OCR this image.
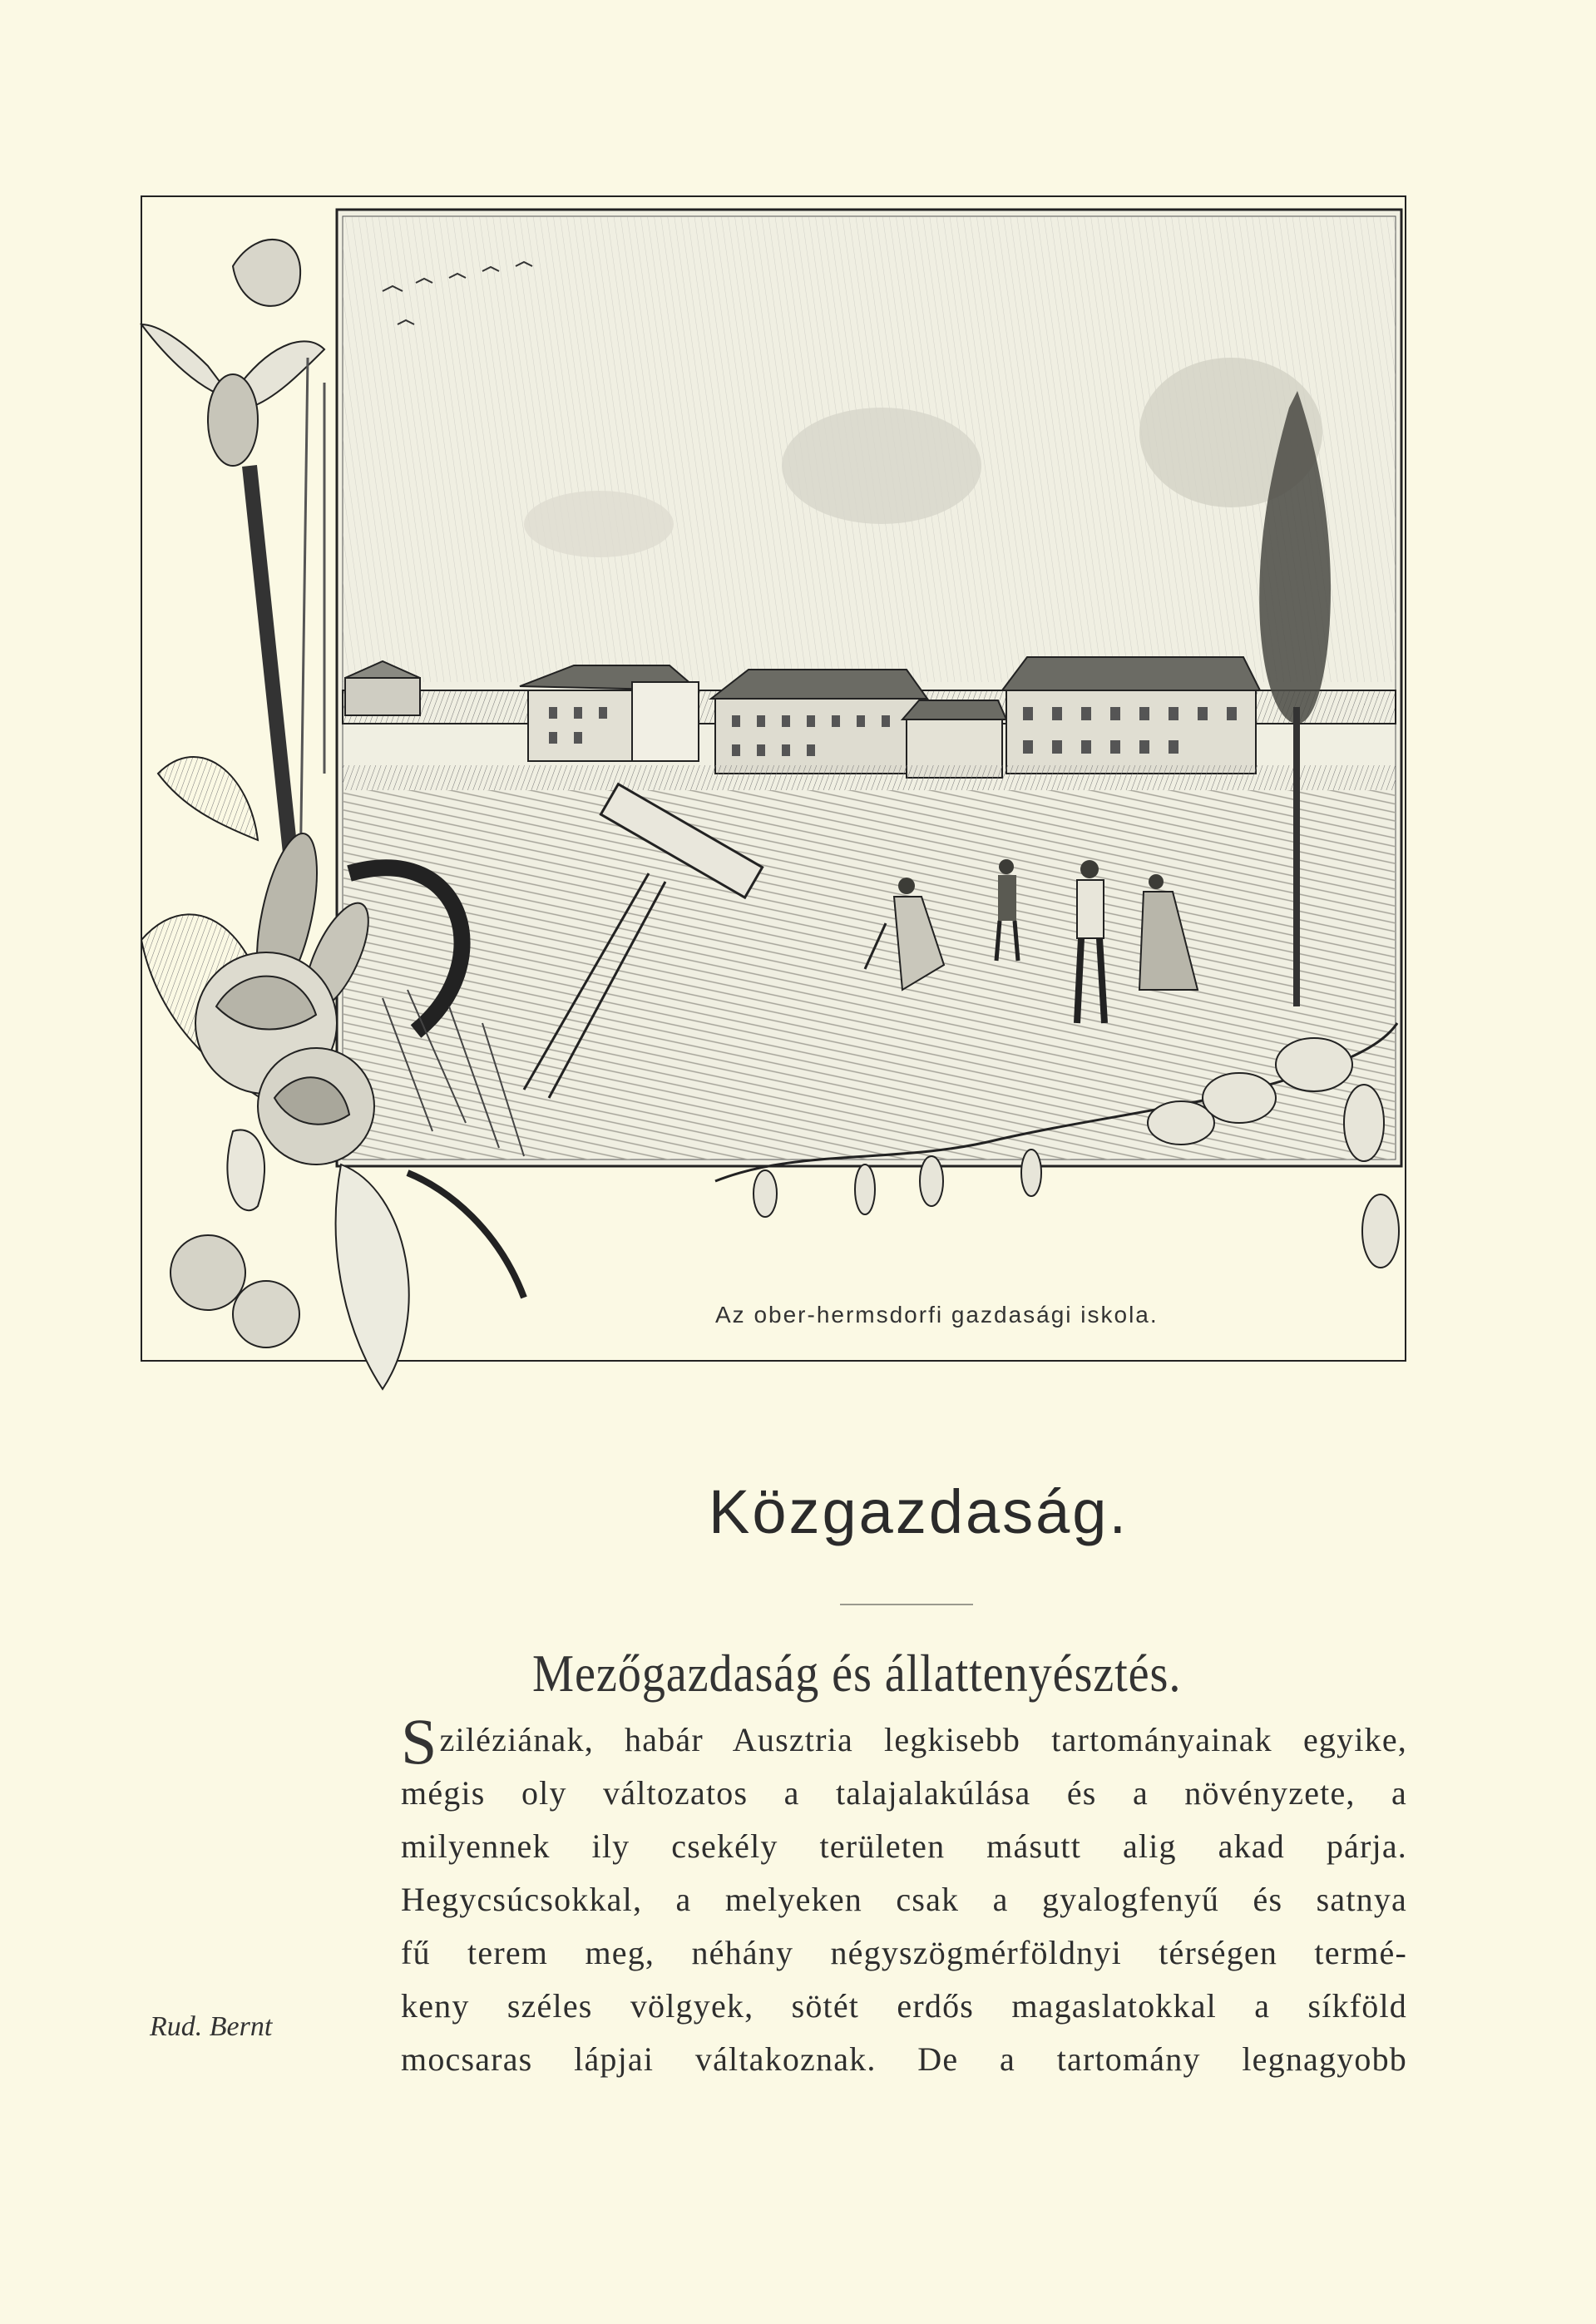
Az ober-hermsdorfi gazdasági iskola.
Rud. Bernt
Közgazdaság.
Mezőgazdaság és állattenyésztés.
S ziléziának, habár Ausztria legkisebb tartományainak egyike,
mégis oly változatos a talajalakúlása és a növényzete, a
milyennek ily csekély területen másutt alig akad párja.
Hegycsúcsokkal, a melyeken csak a gyalogfenyű és satnya
fű terem meg, néhány négyszögmérföldnyi térségen termé-
keny széles völgyek, sötét erdős magaslatokkal a síkföld
mocsaras lápjai váltakoznak. De a tartomány legnagyobb
